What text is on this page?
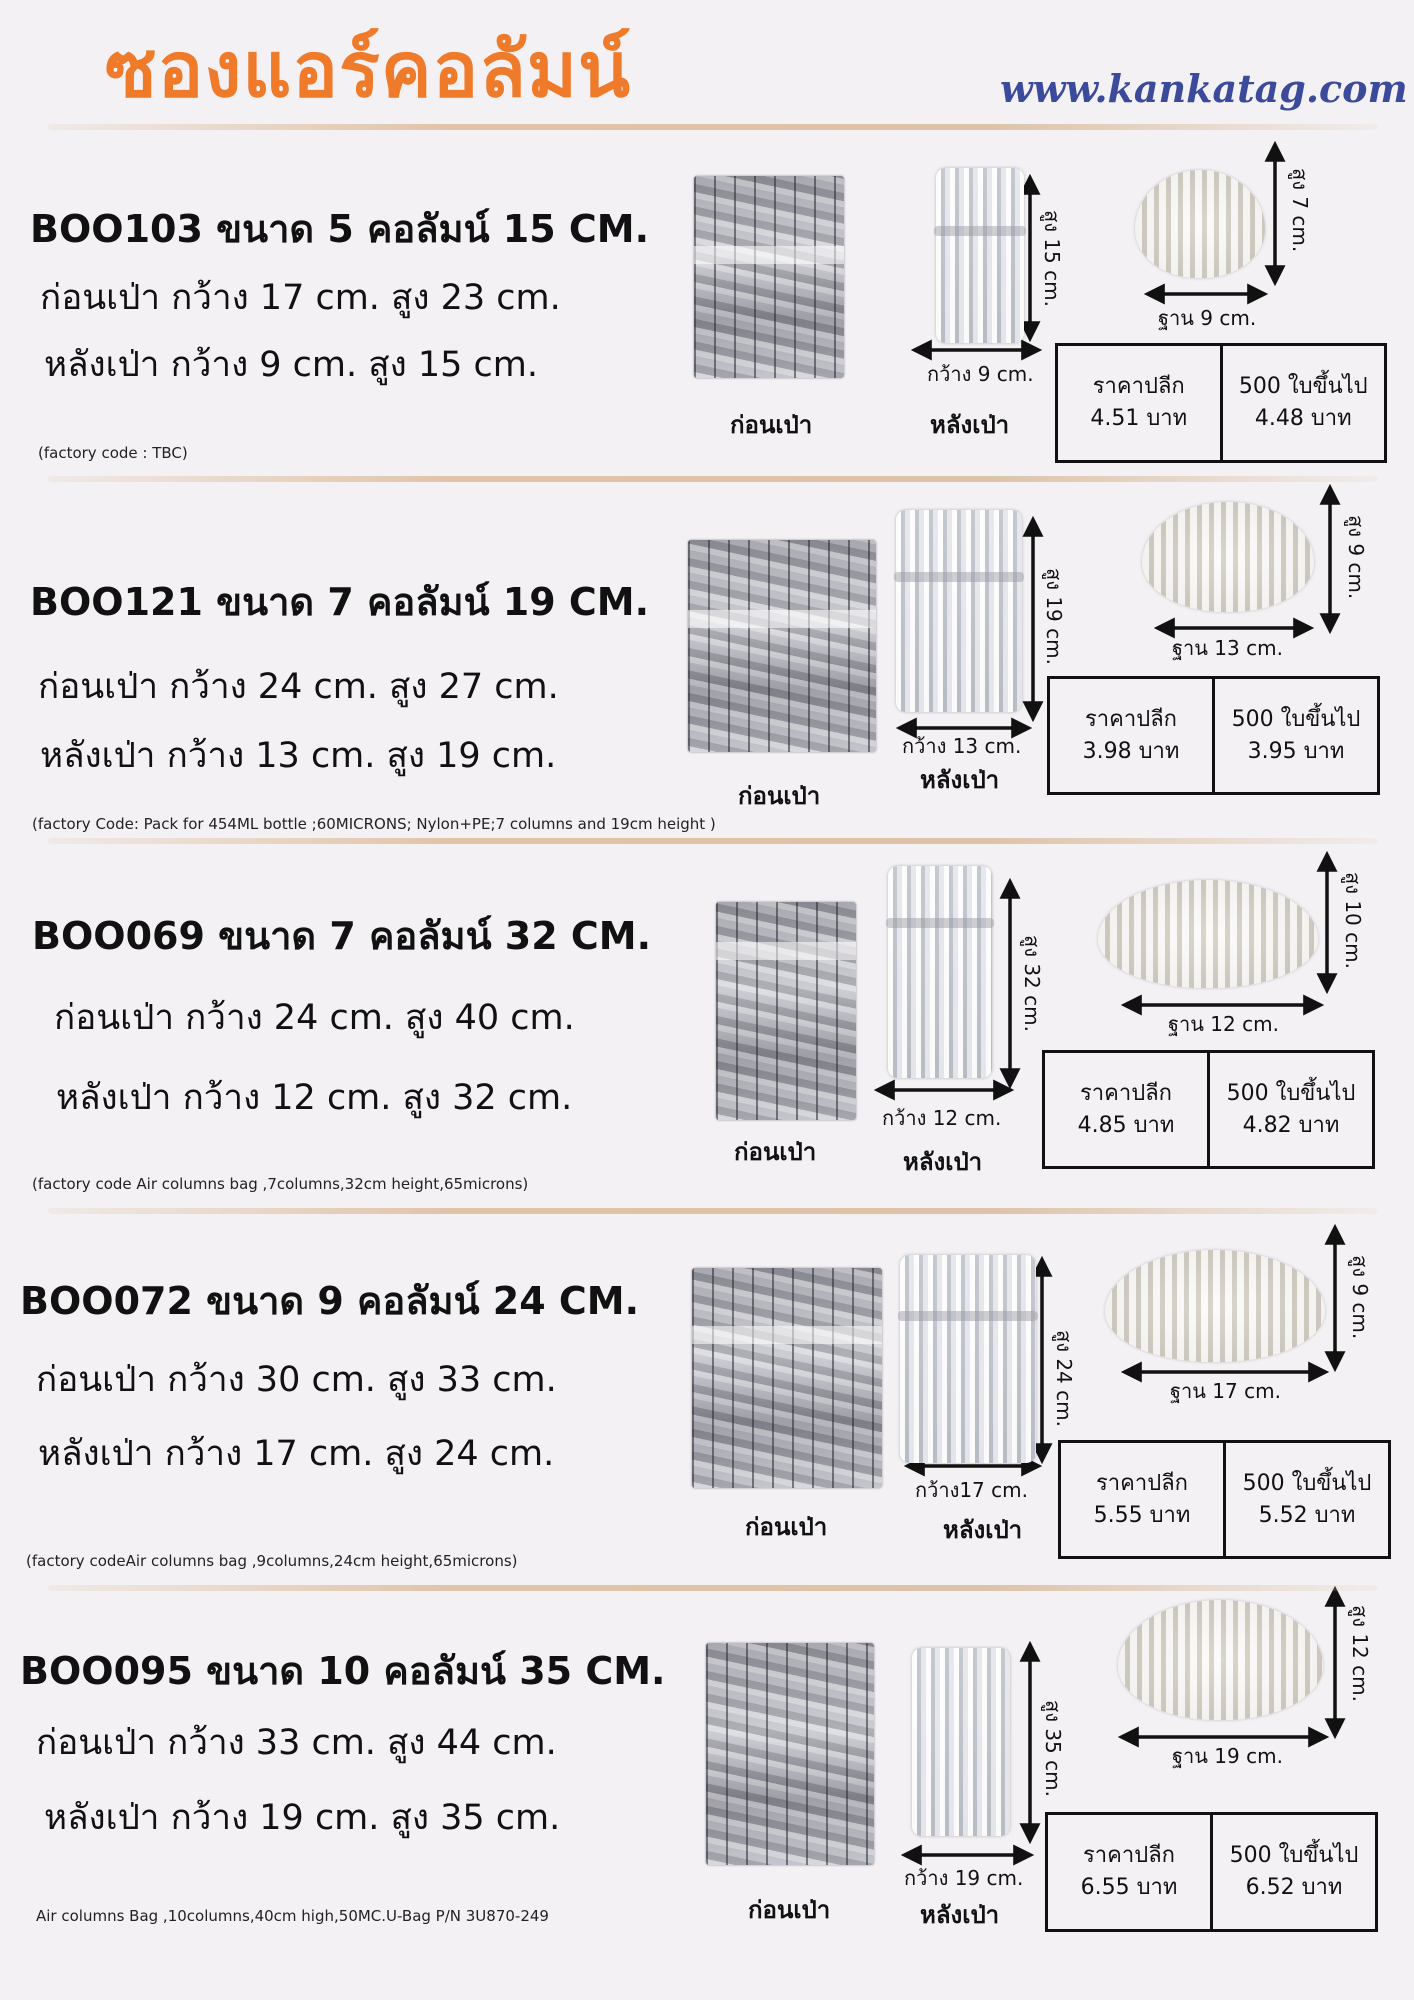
ซองแอร์คอลัมน์	www.kankatag.com
BOO103 ขนาด 5 คอลัมน์ 15 CM.
ก่อนเป่า กว้าง 17 cm. สูง 23 cm.
หลังเป่า กว้าง 9 cm. สูง 15 cm.
(factory code : TBC)
ก่อนเป่า	หลังเป่า
สูง 15 cm.
กว้าง 9 cm.
สูง 7 cm.
ฐาน 9 cm.
ราคาปลีก
4.51 บาท
500 ใบขึ้นไป
4.48 บาท
BOO121 ขนาด 7 คอลัมน์ 19 CM.
ก่อนเป่า กว้าง 24 cm. สูง 27 cm.
หลังเป่า กว้าง 13 cm. สูง 19 cm.
(factory Code: Pack for 454ML bottle ;60MICRONS; Nylon+PE;7 columns and 19cm height )
ก่อนเป่า
หลังเป่า
สูง 19 cm.
กว้าง 13 cm.
สูง 9 cm.
ฐาน 13 cm.
ราคาปลีก
3.98 บาท
500 ใบขึ้นไป
3.95 บาท
BOO069 ขนาด 7 คอลัมน์ 32 CM.
ก่อนเป่า กว้าง 24 cm. สูง 40 cm.
หลังเป่า กว้าง 12 cm. สูง 32 cm.
(factory code Air columns bag ,7columns,32cm height,65microns)
ก่อนเป่า	หลังเป่า
สูง 32 cm.
กว้าง 12 cm.
สูง 10 cm.
ฐาน 12 cm.
ราคาปลีก
4.85 บาท
500 ใบขึ้นไป
4.82 บาท
BOO072 ขนาด 9 คอลัมน์ 24 CM.
ก่อนเป่า กว้าง 30 cm. สูง 33 cm.
หลังเป่า กว้าง 17 cm. สูง 24 cm.
(factory codeAir columns bag ,9columns,24cm height,65microns)
ก่อนเป่า	หลังเป่า
สูง 24 cm.
กว้าง17 cm.
สูง 9 cm.
ฐาน 17 cm.
ราคาปลีก
5.55 บาท
500 ใบขึ้นไป
5.52 บาท
BOO095 ขนาด 10 คอลัมน์ 35 CM.
ก่อนเป่า กว้าง 33 cm. สูง 44 cm.
หลังเป่า กว้าง 19 cm. สูง 35 cm.
Air columns Bag ,10columns,40cm high,50MC.U-Bag P/N 3U870-249	ก่อนเป่า	หลังเป่า
สูง 35 cm.
กว้าง 19 cm.
สูง 12 cm.
ฐาน 19 cm.
ราคาปลีก
6.55 บาท
500 ใบขึ้นไป
6.52 บาท
